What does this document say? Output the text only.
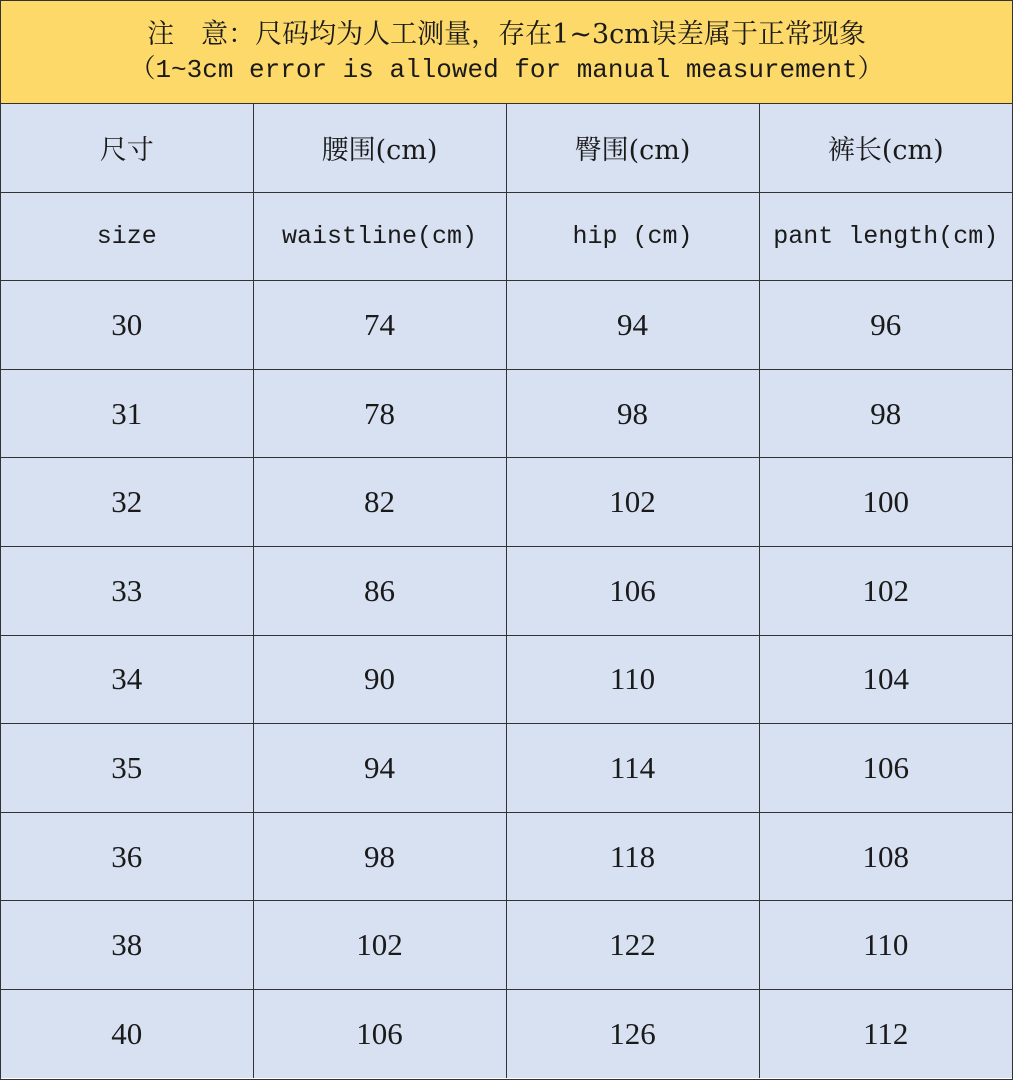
注　意：尺码均为人工测量，存在1~3cm误差属于正常现象
（1~3cm error is allowed for manual measurement）
尺寸	腰围(cm)	臀围(cm)	裤长(cm)
size	waistline(cm)	hip (cm)	pant length(cm)
30	74	94	96
31	78	98	98
32	82	102	100
33	86	106	102
34	90	110	104
35	94	114	106
36	98	118	108
38	102	122	110
40	106	126	112
